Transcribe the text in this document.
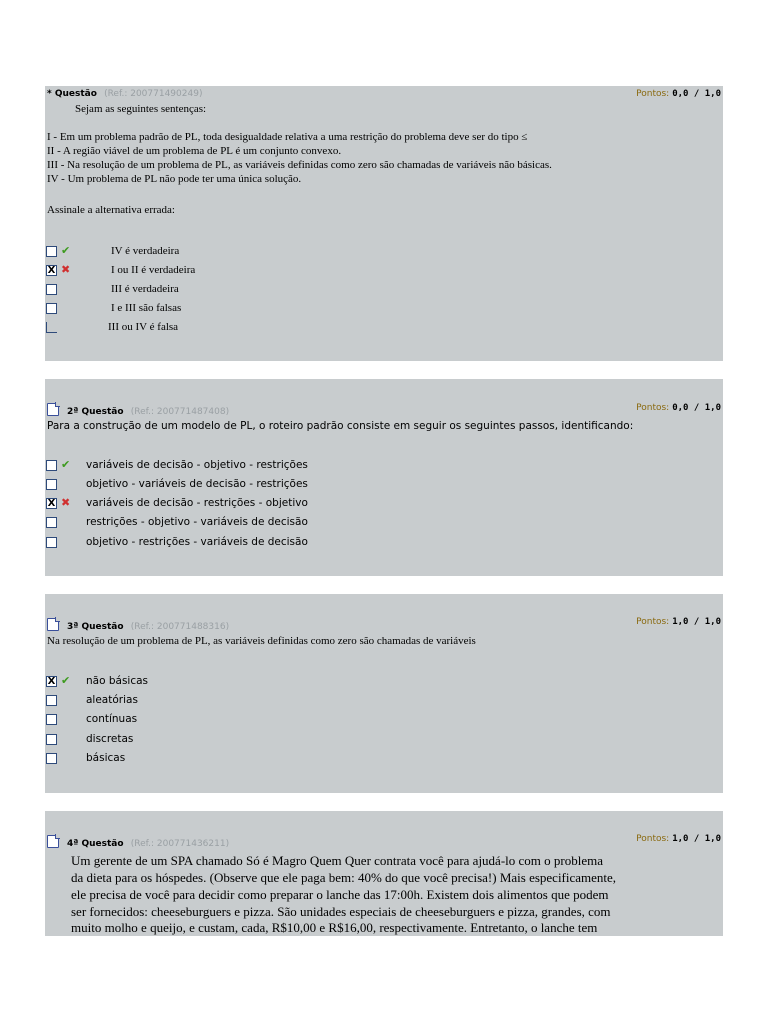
* Questão (Ref.: 200771490249)	Pontos: 0,0 / 1,0
Sejam as seguintes sentenças:
I - Em um problema padrão de PL, toda desigualdade relativa a uma restrição do problema deve ser do tipo ≤
II - A região viável de um problema de PL é um conjunto convexo.
III - Na resolução de um problema de PL, as variáveis definidas como zero são chamadas de variáveis não básicas.
IV - Um problema de PL não pode ter uma única solução.
Assinale a alternativa errada:
✔	IV é verdadeira
X ✖	I ou II é verdadeira
III é verdadeira
I e III são falsas
III ou IV é falsa
2ª Questão (Ref.: 200771487408)	Pontos: 0,0 / 1,0
Para a construção de um modelo de PL, o roteiro padrão consiste em seguir os seguintes passos, identificando:
✔ variáveis de decisão - objetivo - restrições
objetivo - variáveis de decisão - restrições
X ✖ variáveis de decisão - restrições - objetivo
restrições - objetivo - variáveis de decisão
objetivo - restrições - variáveis de decisão
3ª Questão (Ref.: 200771488316)	Pontos: 1,0 / 1,0
Na resolução de um problema de PL, as variáveis definidas como zero são chamadas de variáveis
X ✔ não básicas
aleatórias
contínuas
discretas
básicas
4ª Questão (Ref.: 200771436211)	Pontos: 1,0 / 1,0
Um gerente de um SPA chamado Só é Magro Quem Quer contrata você para ajudá-lo com o problema
da dieta para os hóspedes. (Observe que ele paga bem: 40% do que você precisa!) Mais especificamente,
ele precisa de você para decidir como preparar o lanche das 17:00h. Existem dois alimentos que podem
ser fornecidos: cheeseburguers e pizza. São unidades especiais de cheeseburguers e pizza, grandes, com
muito molho e queijo, e custam, cada, R$10,00 e R$16,00, respectivamente. Entretanto, o lanche tem
